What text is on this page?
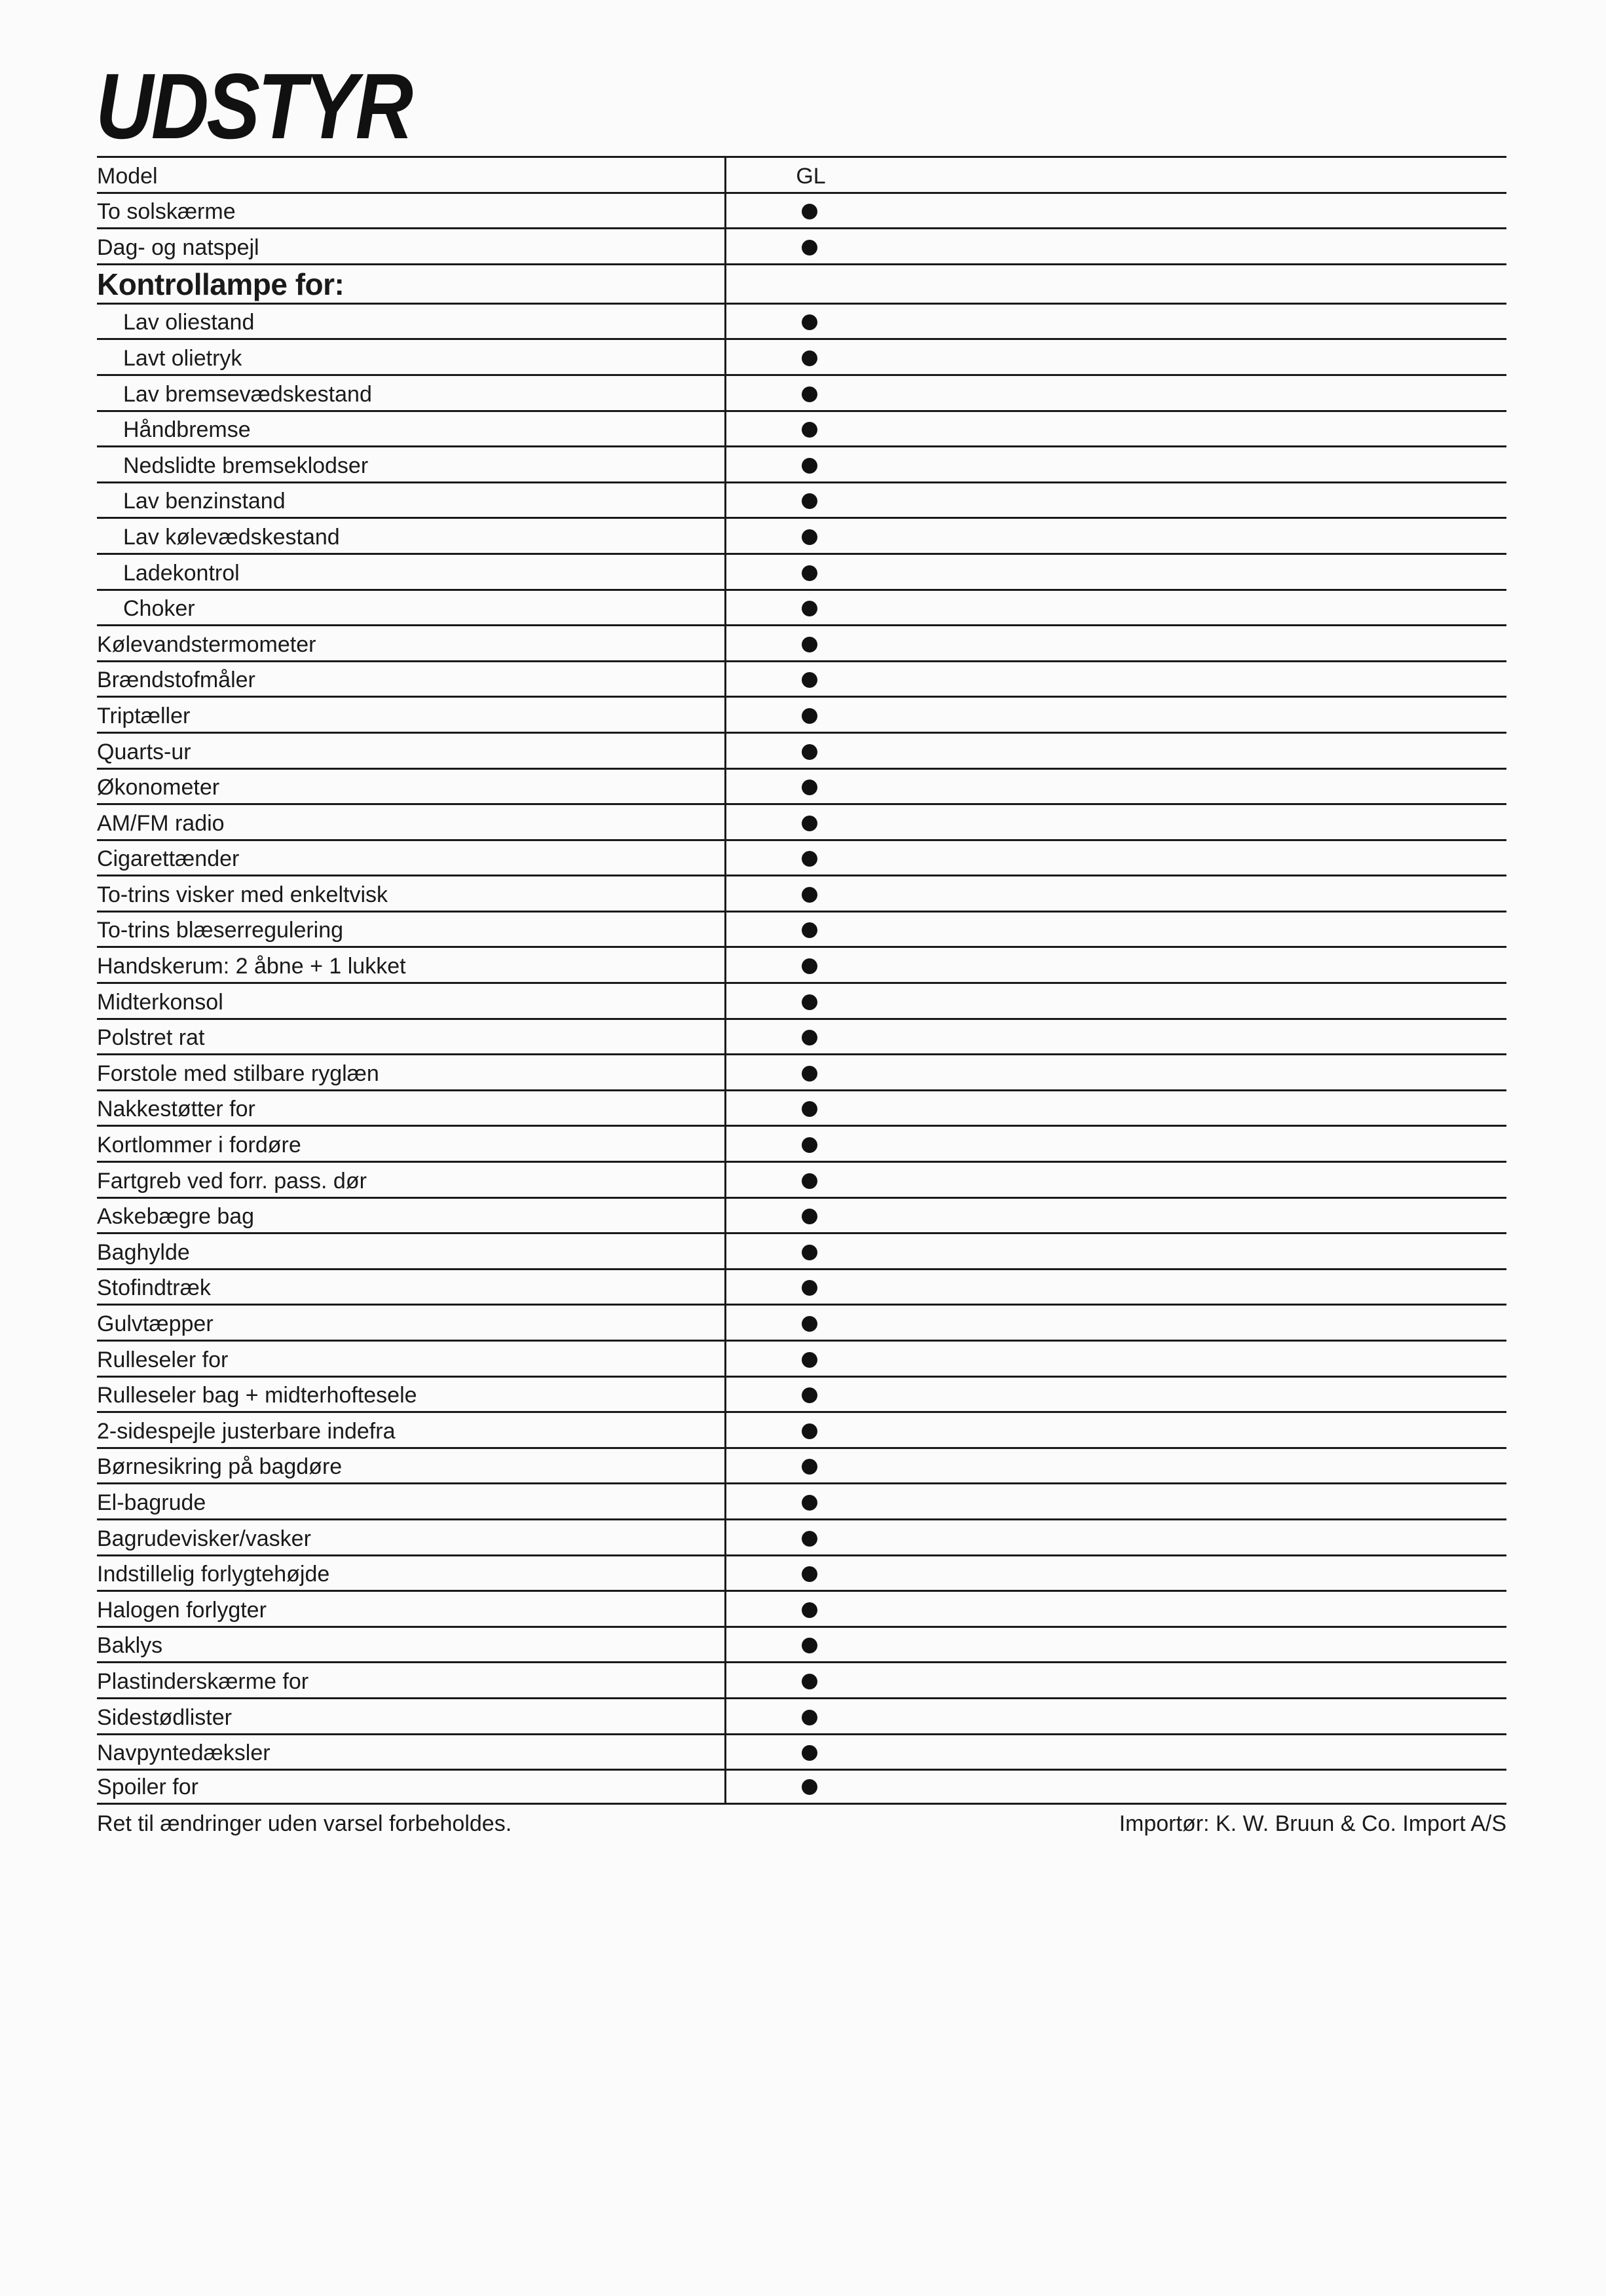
UDSTYR
Model	GL
To solskærme
Dag- og natspejl
Kontrollampe for:
Lav oliestand
Lavt olietryk
Lav bremsevædskestand
Håndbremse
Nedslidte bremseklodser
Lav benzinstand
Lav kølevædskestand
Ladekontrol
Choker
Kølevandstermometer
Brændstofmåler
Triptæller
Quarts-ur
Økonometer
AM/FM radio
Cigarettænder
To-trins visker med enkeltvisk
To-trins blæserregulering
Handskerum: 2 åbne + 1 lukket
Midterkonsol
Polstret rat
Forstole med stilbare ryglæn
Nakkestøtter for
Kortlommer i fordøre
Fartgreb ved forr. pass. dør
Askebægre bag
Baghylde
Stofindtræk
Gulvtæpper
Rulleseler for
Rulleseler bag + midterhoftesele
2-sidespejle justerbare indefra
Børnesikring på bagdøre
El-bagrude
Bagrudevisker/vasker
Indstillelig forlygtehøjde
Halogen forlygter
Baklys
Plastinderskærme for
Sidestødlister
Navpyntedæksler
Spoiler for
Ret til ændringer uden varsel forbeholdes.	Importør: K. W. Bruun & Co. Import A/S
